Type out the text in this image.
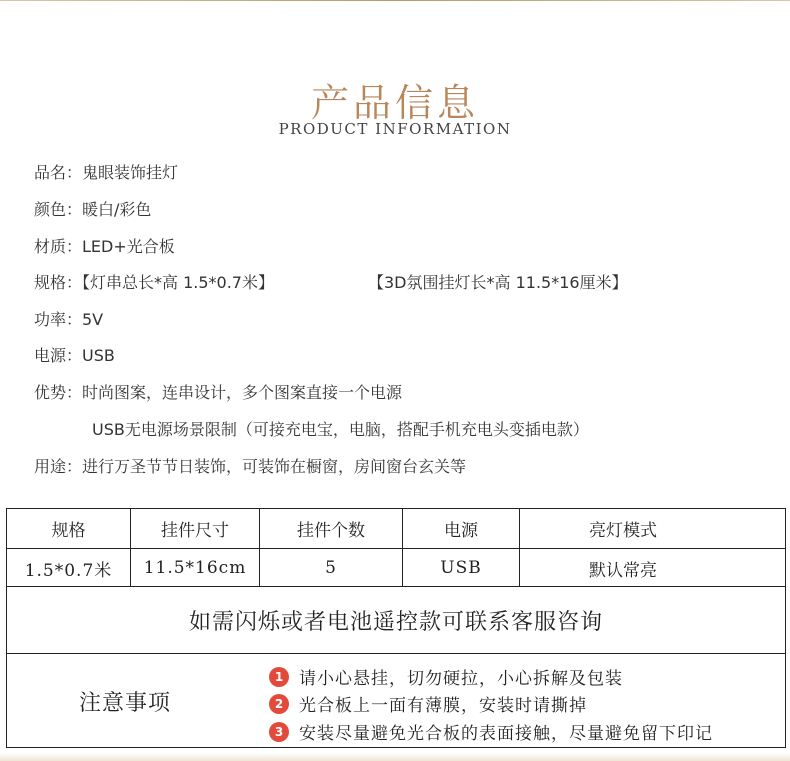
产品信息
PRODUCT INFORMATION
品名：鬼眼装饰挂灯
颜色：暖白/彩色
材质：LED+光合板
规格：【灯串总长*高 1.5*0.7米】	【3D氛围挂灯长*高 11.5*16厘米】
功率：5V
电源：USB
优势：时尚图案，连串设计，多个图案直接一个电源
USB无电源场景限制（可接充电宝，电脑，搭配手机充电头变插电款）
用途：进行万圣节节日装饰，可装饰在橱窗，房间窗台玄关等
规格	挂件尺寸	挂件个数	电源	亮灯模式
1.5*0.7米	11.5*16cm	5	USB	默认常亮
如需闪烁或者电池遥控款可联系客服咨询
注意事项
1 请小心悬挂，切勿硬拉，小心拆解及包装
2 光合板上一面有薄膜，安装时请撕掉
3 安装尽量避免光合板的表面接触，尽量避免留下印记
